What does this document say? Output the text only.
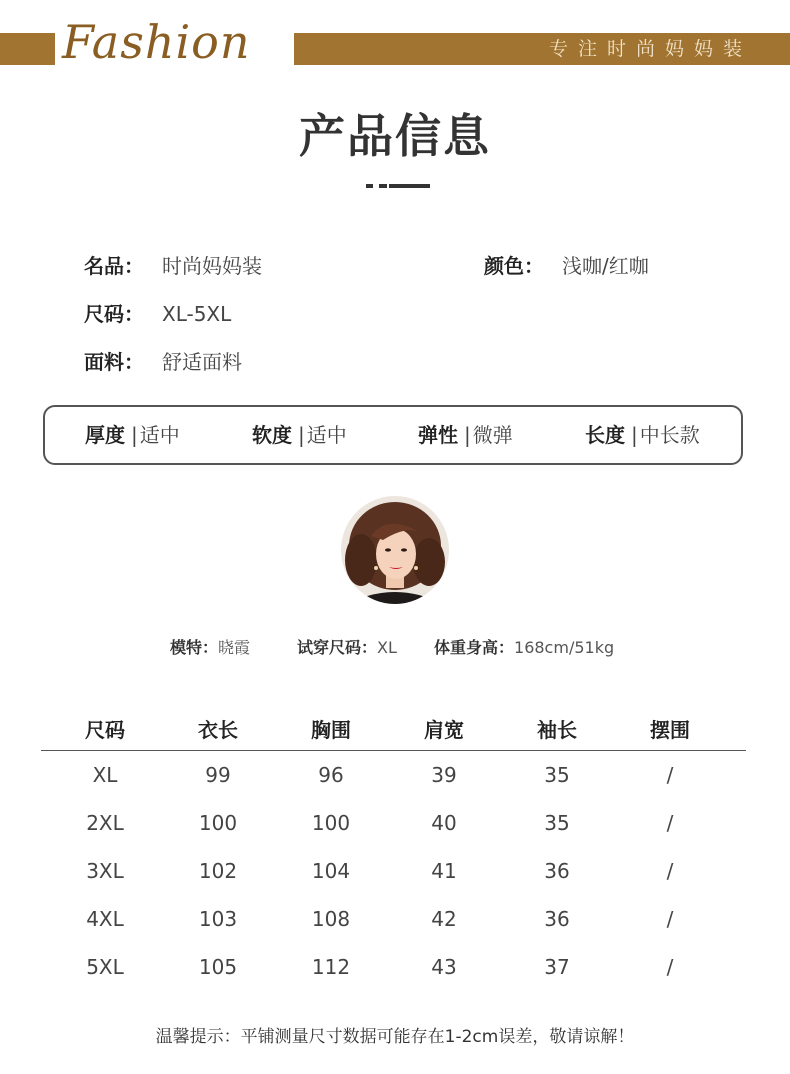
Fashion	专注时尚妈妈装
产品信息
名品： 时尚妈妈装	颜色： 浅咖/红咖
尺码： XL-5XL
面料： 舒适面料
厚度 | 适中	软度 | 适中	弹性 | 微弹	长度 | 中长款
模特：晓霞	试穿尺码：XL 体重身高：168cm/51kg
尺码	衣长	胸围	肩宽	袖长	摆围
XL	99	96	39	35	/
2XL	100	100	40	35	/
3XL	102	104	41	36	/
4XL	103	108	42	36	/
5XL	105	112	43	37	/
温馨提示：平铺测量尺寸数据可能存在1-2cm误差，敬请谅解！
